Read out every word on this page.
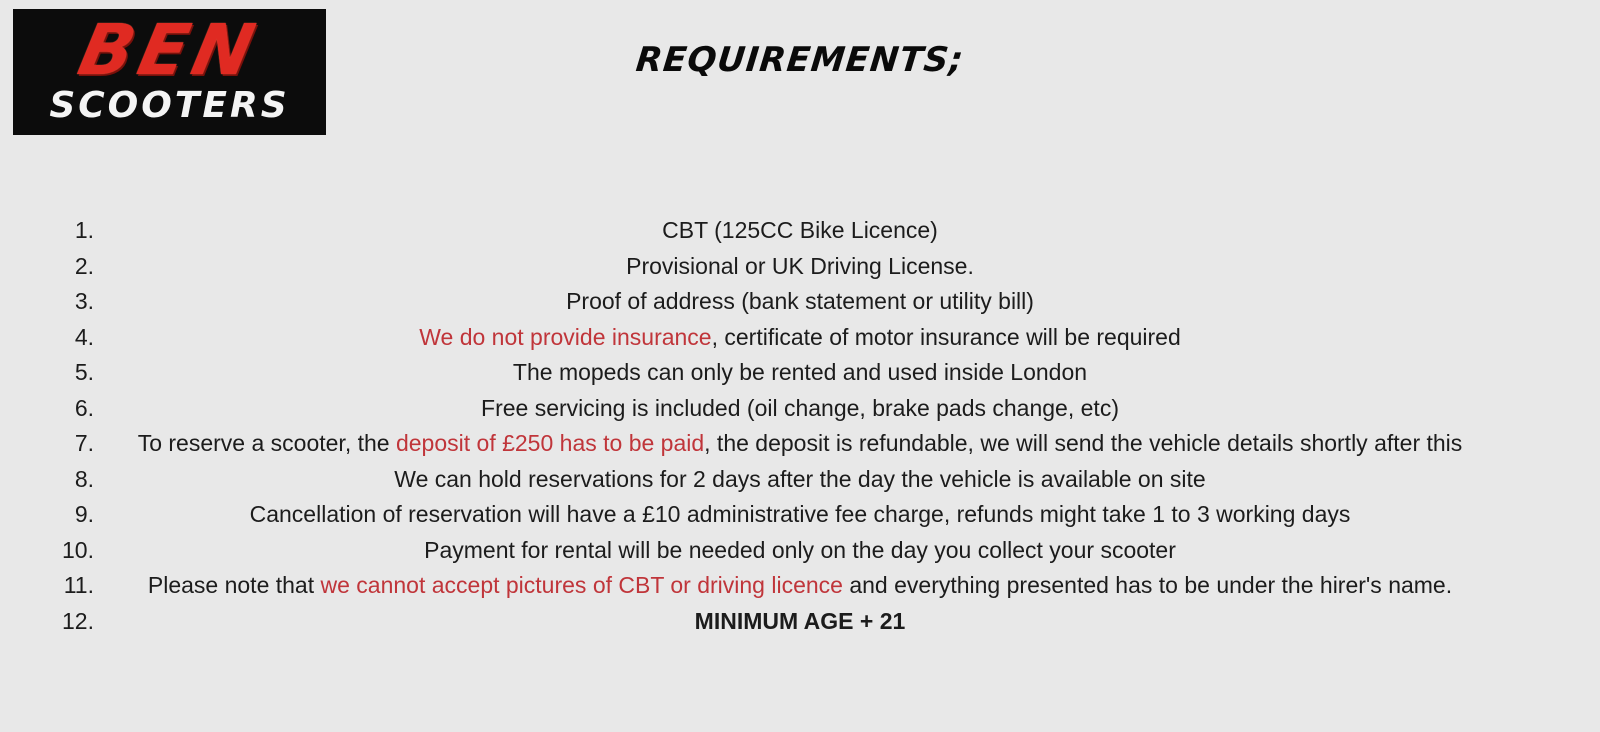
BEN
SCOOTERS
REQUIREMENTS;
1.	CBT (125CC Bike Licence)
2.	Provisional or UK Driving License.
3.	Proof of address (bank statement or utility bill)
4.	We do not provide insurance, certificate of motor insurance will be required
5.	The mopeds can only be rented and used inside London
6.	Free servicing is included (oil change, brake pads change, etc)
7. To reserve a scooter, the deposit of £250 has to be paid, the deposit is refundable, we will send the vehicle details shortly after this
8.	We can hold reservations for 2 days after the day the vehicle is available on site
9.	Cancellation of reservation will have a £10 administrative fee charge, refunds might take 1 to 3 working days
10.	Payment for rental will be needed only on the day you collect your scooter
11. Please note that we cannot accept pictures of CBT or driving licence and everything presented has to be under the hirer's name.
12.	MINIMUM AGE + 21
